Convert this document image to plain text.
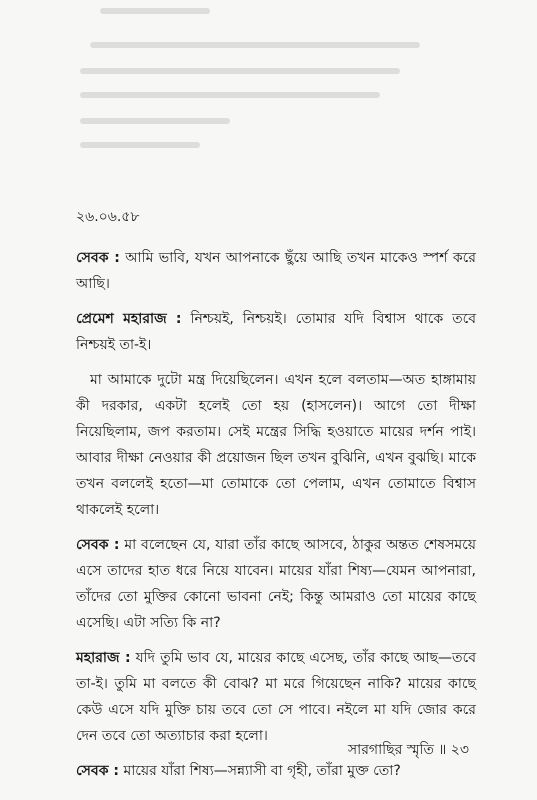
২৬.০৬.৫৮

সেবক : আমি ভাবি, যখন আপনাকে ছুঁয়ে আছি তখন মাকেও স্পর্শ করে আছি।

প্রেমেশ মহারাজ : নিশ্চয়ই, নিশ্চয়ই। তোমার যদি বিশ্বাস থাকে তবে নিশ্চয়ই তা-ই।

মা আমাকে দুটো মন্ত্র দিয়েছিলেন। এখন হলে বলতাম—অত হাঙ্গামায় কী দরকার, একটা হলেই তো হয় (হাসলেন)। আগে তো দীক্ষা নিয়েছিলাম, জপ করতাম। সেই মন্ত্রের সিদ্ধি হওয়াতে মায়ের দর্শন পাই। আবার দীক্ষা নেওয়ার কী প্রয়োজন ছিল তখন বুঝিনি, এখন বুঝছি। মাকে তখন বললেই হতো—মা তোমাকে তো পেলাম, এখন তোমাতে বিশ্বাস থাকলেই হলো।

সেবক : মা বলেছেন যে, যারা তাঁর কাছে আসবে, ঠাকুর অন্তত শেষসময়ে এসে তাদের হাত ধরে নিয়ে যাবেন। মায়ের যাঁরা শিষ্য—যেমন আপনারা, তাঁদের তো মুক্তির কোনো ভাবনা নেই; কিন্তু আমরাও তো মায়ের কাছে এসেছি। এটা সত্যি কি না?

মহারাজ : যদি তুমি ভাব যে, মায়ের কাছে এসেছ, তাঁর কাছে আছ—তবে তা-ই। তুমি মা বলতে কী বোঝ? মা মরে গিয়েছেন নাকি? মায়ের কাছে কেউ এসে যদি মুক্তি চায় তবে তো সে পাবে। নইলে মা যদি জোর করে দেন তবে তো অত্যাচার করা হলো।

সেবক : মায়ের যাঁরা শিষ্য—সন্ন্যাসী বা গৃহী, তাঁরা মুক্ত তো?

সারগাছির স্মৃতি ॥ ২৩
